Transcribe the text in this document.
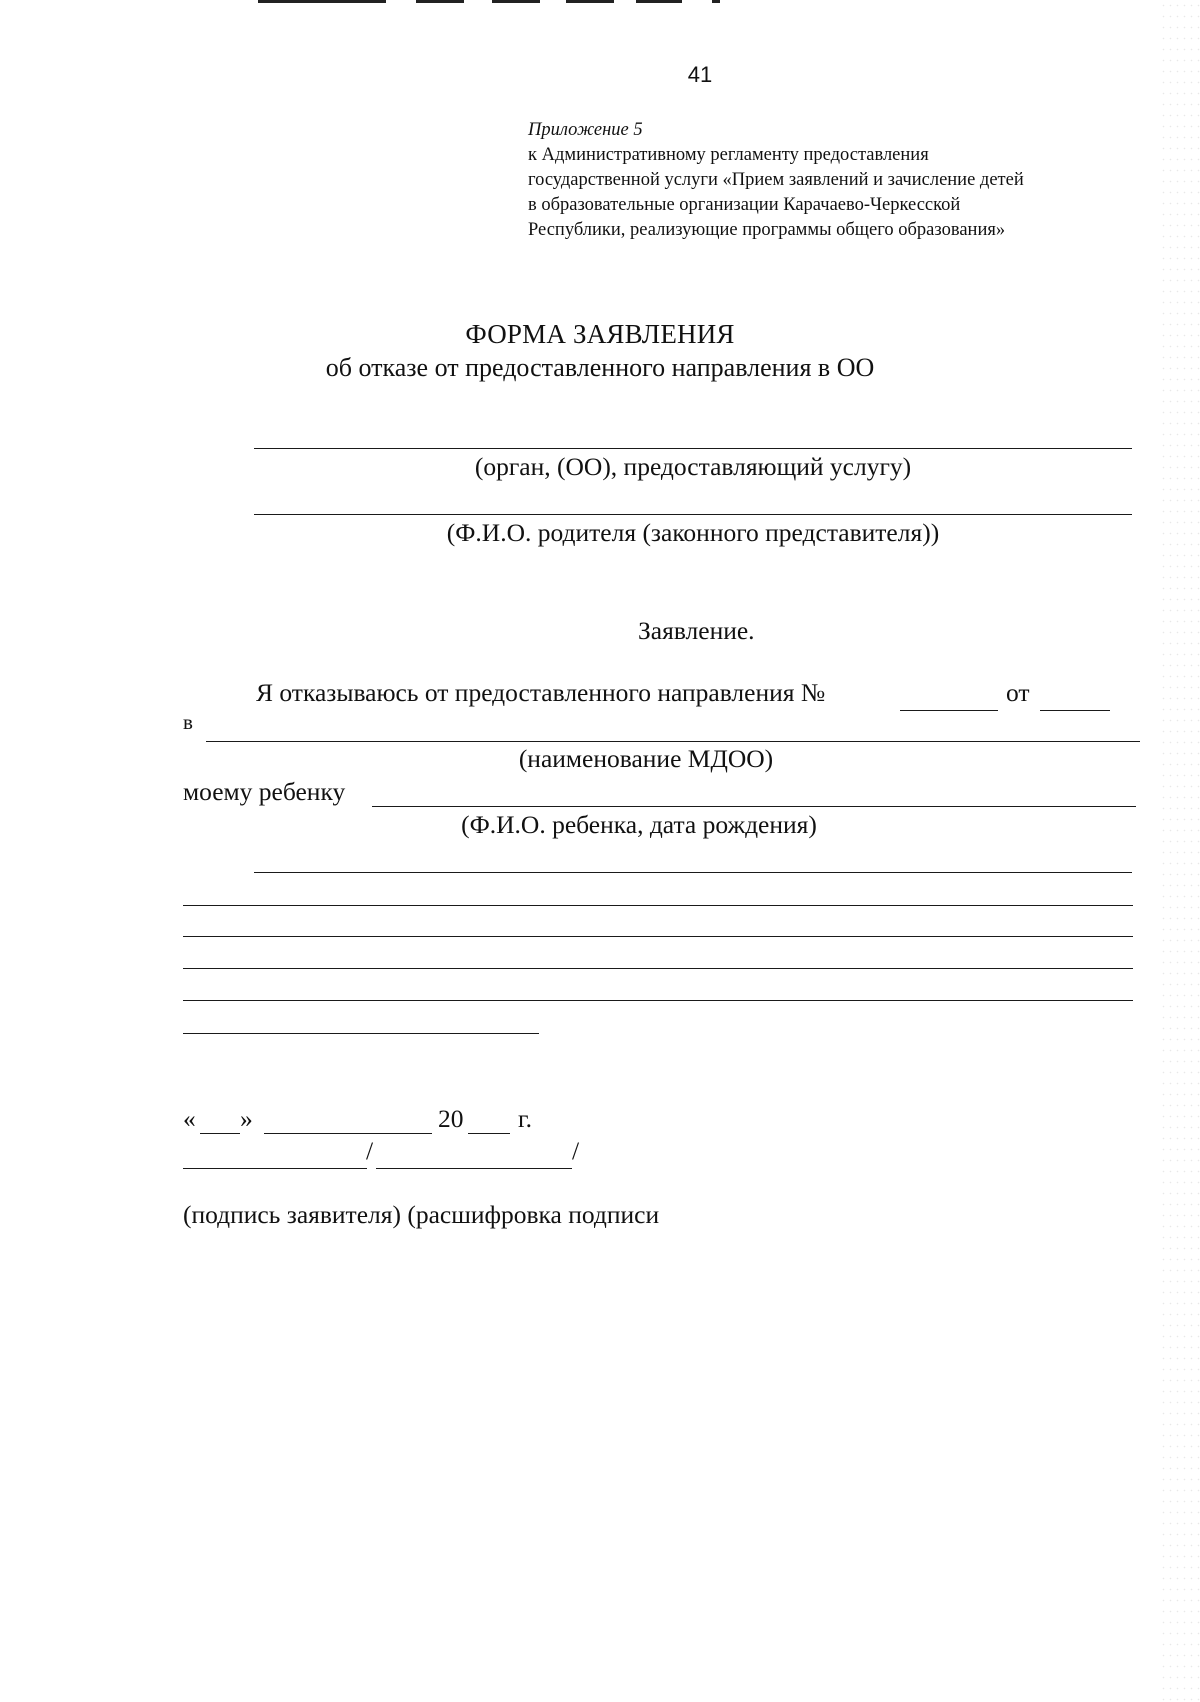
41
Приложение 5
к Административному регламенту предоставления
государственной услуги «Прием заявлений и зачисление детей
в образовательные организации Карачаево-Черкесской
Республики, реализующие программы общего образования»
ФОРМА ЗАЯВЛЕНИЯ
об отказе от предоставленного направления в ОО
(орган, (ОО), предоставляющий услугу)
(Ф.И.О. родителя (законного представителя))
Заявление.
Я отказываюсь от предоставленного направления №	от
в
(наименование МДОО)
моему ребенку
(Ф.И.О. ребенка, дата рождения)
« »	20 г.
/	/
(подпись заявителя) (расшифровка подписи
